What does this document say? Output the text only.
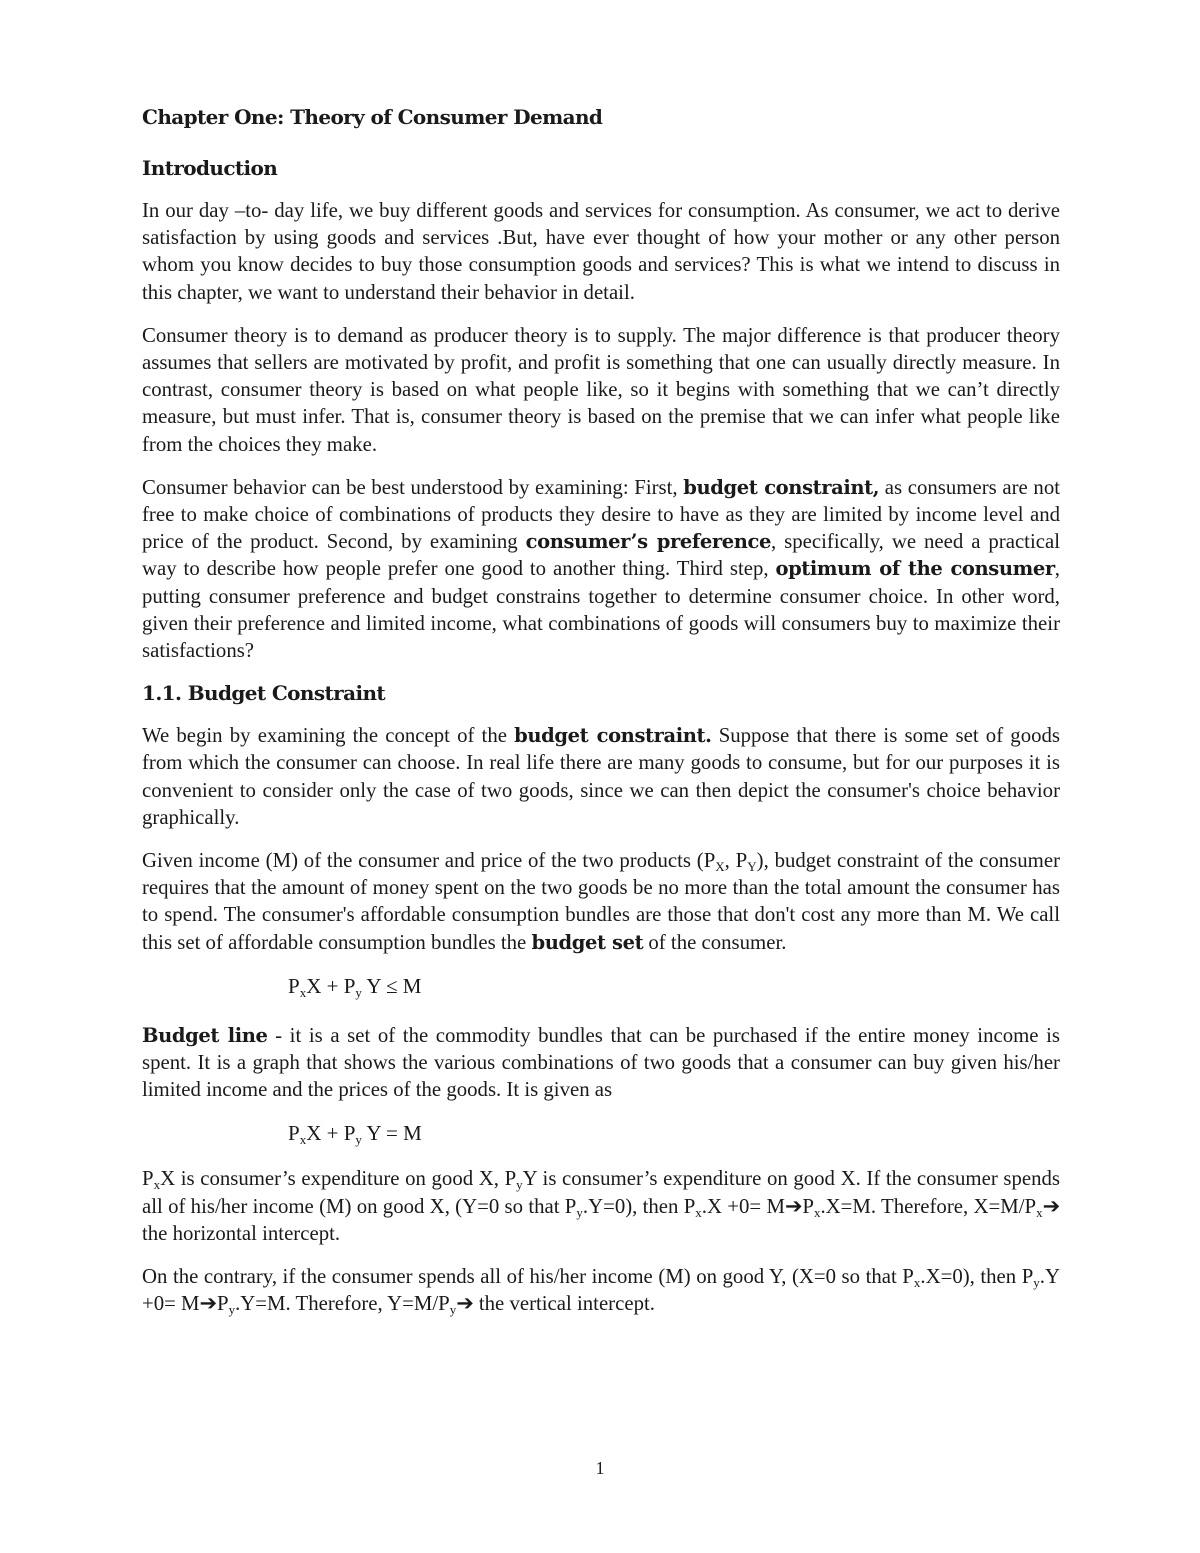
Chapter One: Theory of Consumer Demand
Introduction

In our day –to- day life, we buy different goods and services for consumption. As consumer, we act to derive satisfaction by using goods and services .But, have ever thought of how your mother or any other person whom you know decides to buy those consumption goods and services? This is what we intend to discuss in this chapter, we want to understand their behavior in detail.

Consumer theory is to demand as producer theory is to supply. The major difference is that producer theory assumes that sellers are motivated by profit, and profit is something that one can usually directly measure. In contrast, consumer theory is based on what people like, so it begins with something that we can’t directly measure, but must infer. That is, consumer theory is based on the premise that we can infer what people like from the choices they make.

Consumer behavior can be best understood by examining: First, budget constraint, as consumers are not free to make choice of combinations of products they desire to have as they are limited by income level and price of the product. Second, by examining consumer’s preference, specifically, we need a practical way to describe how people prefer one good to another thing. Third step, optimum of the consumer, putting consumer preference and budget constrains together to determine consumer choice. In other word, given their preference and limited income, what combinations of goods will consumers buy to maximize their satisfactions?

1.1. Budget Constraint

We begin by examining the concept of the budget constraint. Suppose that there is some set of goods from which the consumer can choose. In real life there are many goods to consume, but for our purposes it is convenient to consider only the case of two goods, since we can then depict the consumer's choice behavior graphically.

Given income (M) of the consumer and price of the two products ($P_X$, $P_Y$), budget constraint of the consumer requires that the amount of money spent on the two goods be no more than the total amount the consumer has to spend. The consumer's affordable consumption bundles are those that don't cost any more than M. We call this set of affordable consumption bundles the budget set of the consumer.

$P_xX + P_y$ Y ≤ M

Budget line - it is a set of the commodity bundles that can be purchased if the entire money income is spent. It is a graph that shows the various combinations of two goods that a consumer can buy given his/her limited income and the prices of the goods. It is given as

$P_xX + P_y$ Y = M

$P_xX$ is consumer’s expenditure on good X, $P_yY$ is consumer’s expenditure on good X. If the consumer spends all of his/her income (M) on good X, (Y=0 so that $P_y.Y=0$), then $P_x.X +0=$ $M➔P_x.X=M$. Therefore, $X=M/P_x➔$ the horizontal intercept.

On the contrary, if the consumer spends all of his/her income (M) on good Y, (X=0 so that $P_x.X=0$), then $P_y.Y +0=$ $M➔P_y.Y=M$. Therefore, $Y=M/P_y➔$ the vertical intercept.

1
